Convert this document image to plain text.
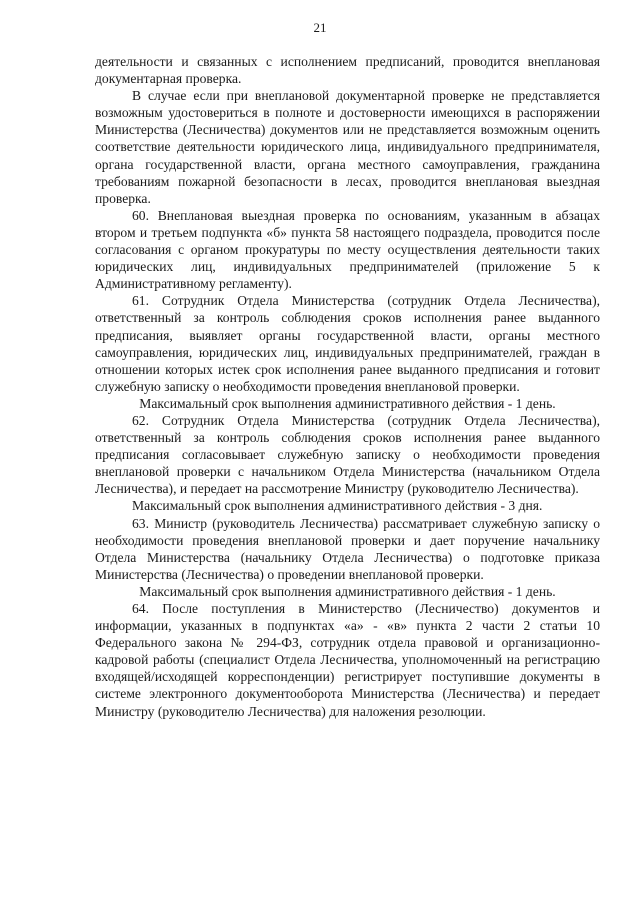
21

деятельности и связанных с исполнением предписаний, проводится внеплановая документарная проверка.

В случае если при внеплановой документарной проверке не представляется возможным удостовериться в полноте и достоверности имеющихся в распоряжении Министерства (Лесничества) документов или не представляется возможным оценить соответствие деятельности юридического лица, индивидуального предпринимателя, органа государственной власти, органа местного самоуправления, гражданина требованиям пожарной безопасности в лесах, проводится внеплановая выездная проверка.

60. Внеплановая выездная проверка по основаниям, указанным в абзацах втором и третьем подпункта «б» пункта 58 настоящего подраздела, проводится после согласования с органом прокуратуры по месту осуществления деятельности таких юридических лиц, индивидуальных предпринимателей (приложение 5 к Административному регламенту).

61. Сотрудник Отдела Министерства (сотрудник Отдела Лесничества), ответственный за контроль соблюдения сроков исполнения ранее выданного предписания, выявляет органы государственной власти, органы местного самоуправления, юридических лиц, индивидуальных предпринимателей, граждан в отношении которых истек срок исполнения ранее выданного предписания и готовит служебную записку о необходимости проведения внеплановой проверки.

Максимальный срок выполнения административного действия - 1 день.

62. Сотрудник Отдела Министерства (сотрудник Отдела Лесничества), ответственный за контроль соблюдения сроков исполнения ранее выданного предписания согласовывает служебную записку о необходимости проведения внеплановой проверки с начальником Отдела Министерства (начальником Отдела Лесничества), и передает на рассмотрение Министру (руководителю Лесничества).

Максимальный срок выполнения административного действия - 3 дня.

63. Министр (руководитель Лесничества) рассматривает служебную записку о необходимости проведения внеплановой проверки и дает поручение начальнику Отдела Министерства (начальнику Отдела Лесничества) о подготовке приказа Министерства (Лесничества) о проведении внеплановой проверки.

Максимальный срок выполнения административного действия - 1 день.

64. После поступления в Министерство (Лесничество) документов и информации, указанных в подпунктах «а» - «в» пункта 2 части 2 статьи 10 Федерального закона № 294-ФЗ, сотрудник отдела правовой и организационно-кадровой работы (специалист Отдела Лесничества, уполномоченный на регистрацию входящей/исходящей корреспонденции) регистрирует поступившие документы в системе электронного документооборота Министерства (Лесничества) и передает Министру (руководителю Лесничества) для наложения резолюции.
